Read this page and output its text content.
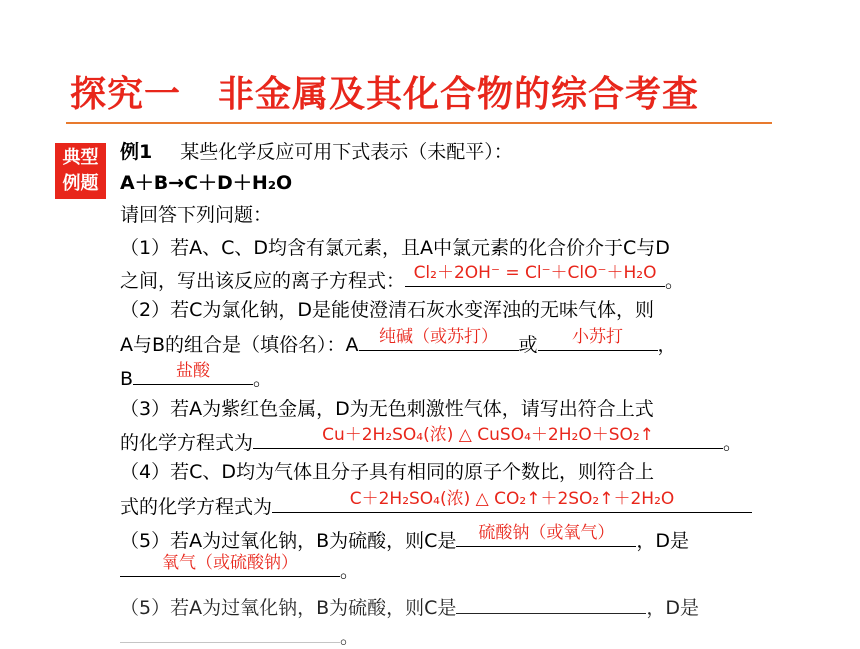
探究一　非金属及其化合物的综合考查
典型
例题
例1 某些化学反应可用下式表示（未配平）：
A＋B→C＋D＋H₂O
请回答下列问题：
（1）若A、C、D均含有氯元素，且A中氯元素的化合价介于C与D
之间，写出该反应的离子方程式： Cl₂＋2OH⁻ = Cl⁻＋ClO⁻＋H₂O 。
（2）若C为氯化钠，D是能使澄清石灰水变浑浊的无味气体，则
A与B的组合是（填俗名）：A	纯碱（或苏打）	或	小苏打	，
B	盐酸	。
（3）若A为紫红色金属，D为无色刺激性气体，请写出符合上式
的化学方程式为	Cu＋2H₂SO₄(浓) △ CuSO₄＋2H₂O＋SO₂↑	。
（4）若C、D均为气体且分子具有相同的原子个数比，则符合上
式的化学方程式为	C＋2H₂SO₄(浓) △ CO₂↑＋2SO₂↑＋2H₂O
（5）若A为过氧化钠，B为硫酸，则C是	硫酸钠（或氧气）	，D是
氧气（或硫酸钠）	。
（5）若A为过氧化钠，B为硫酸，则C是	，D是
。
